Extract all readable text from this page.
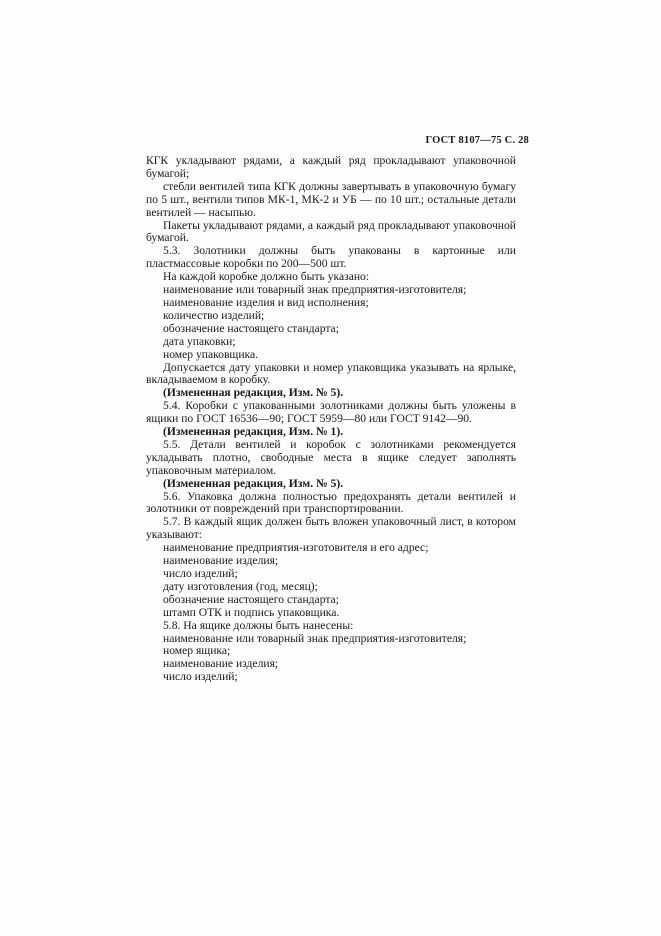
ГОСТ 8107—75 С. 28

КГК укладывают рядами, а каждый ряд прокладывают упаковочной бумагой;

стебли вентилей типа КГК должны завертывать в упаковочную бумагу по 5 шт., вентили типов МК-1, МК-2 и УБ — по 10 шт.; остальные детали вентилей — насыпью.

Пакеты укладывают рядами, а каждый ряд прокладывают упаковочной бумагой.

5.3. Золотники должны быть упакованы в картонные или пластмассовые коробки по 200—500 шт.

На каждой коробке должно быть указано:

наименование или товарный знак предприятия-изготовителя;

наименование изделия и вид исполнения;

количество изделий;

обозначение настоящего стандарта;

дата упаковки;

номер упаковщика.

Допускается дату упаковки и номер упаковщика указывать на ярлыке, вкладываемом в коробку.

(Измененная редакция, Изм. № 5).

5.4. Коробки с упакованными золотниками должны быть уложены в ящики по ГОСТ 16536—90; ГОСТ 5959—80 или ГОСТ 9142—90.

(Измененная редакция, Изм. № 1).

5.5. Детали вентилей и коробок с золотниками рекомендуется укладывать плотно, свободные места в ящике следует заполнять упаковочным материалом.

(Измененная редакция, Изм. № 5).

5.6. Упаковка должна полностью предохранять детали вентилей и золотники от повреждений при транспортировании.

5.7. В каждый ящик должен быть вложен упаковочный лист, в котором указывают:

наименование предприятия-изготовителя и его адрес;

наименование изделия;

число изделий;

дату изготовления (год, месяц);

обозначение настоящего стандарта;

штамп ОТК и подпись упаковщика.

5.8. На ящике должны быть нанесены:

наименование или товарный знак предприятия-изготовителя;

номер ящика;

наименование изделия;

число изделий;
